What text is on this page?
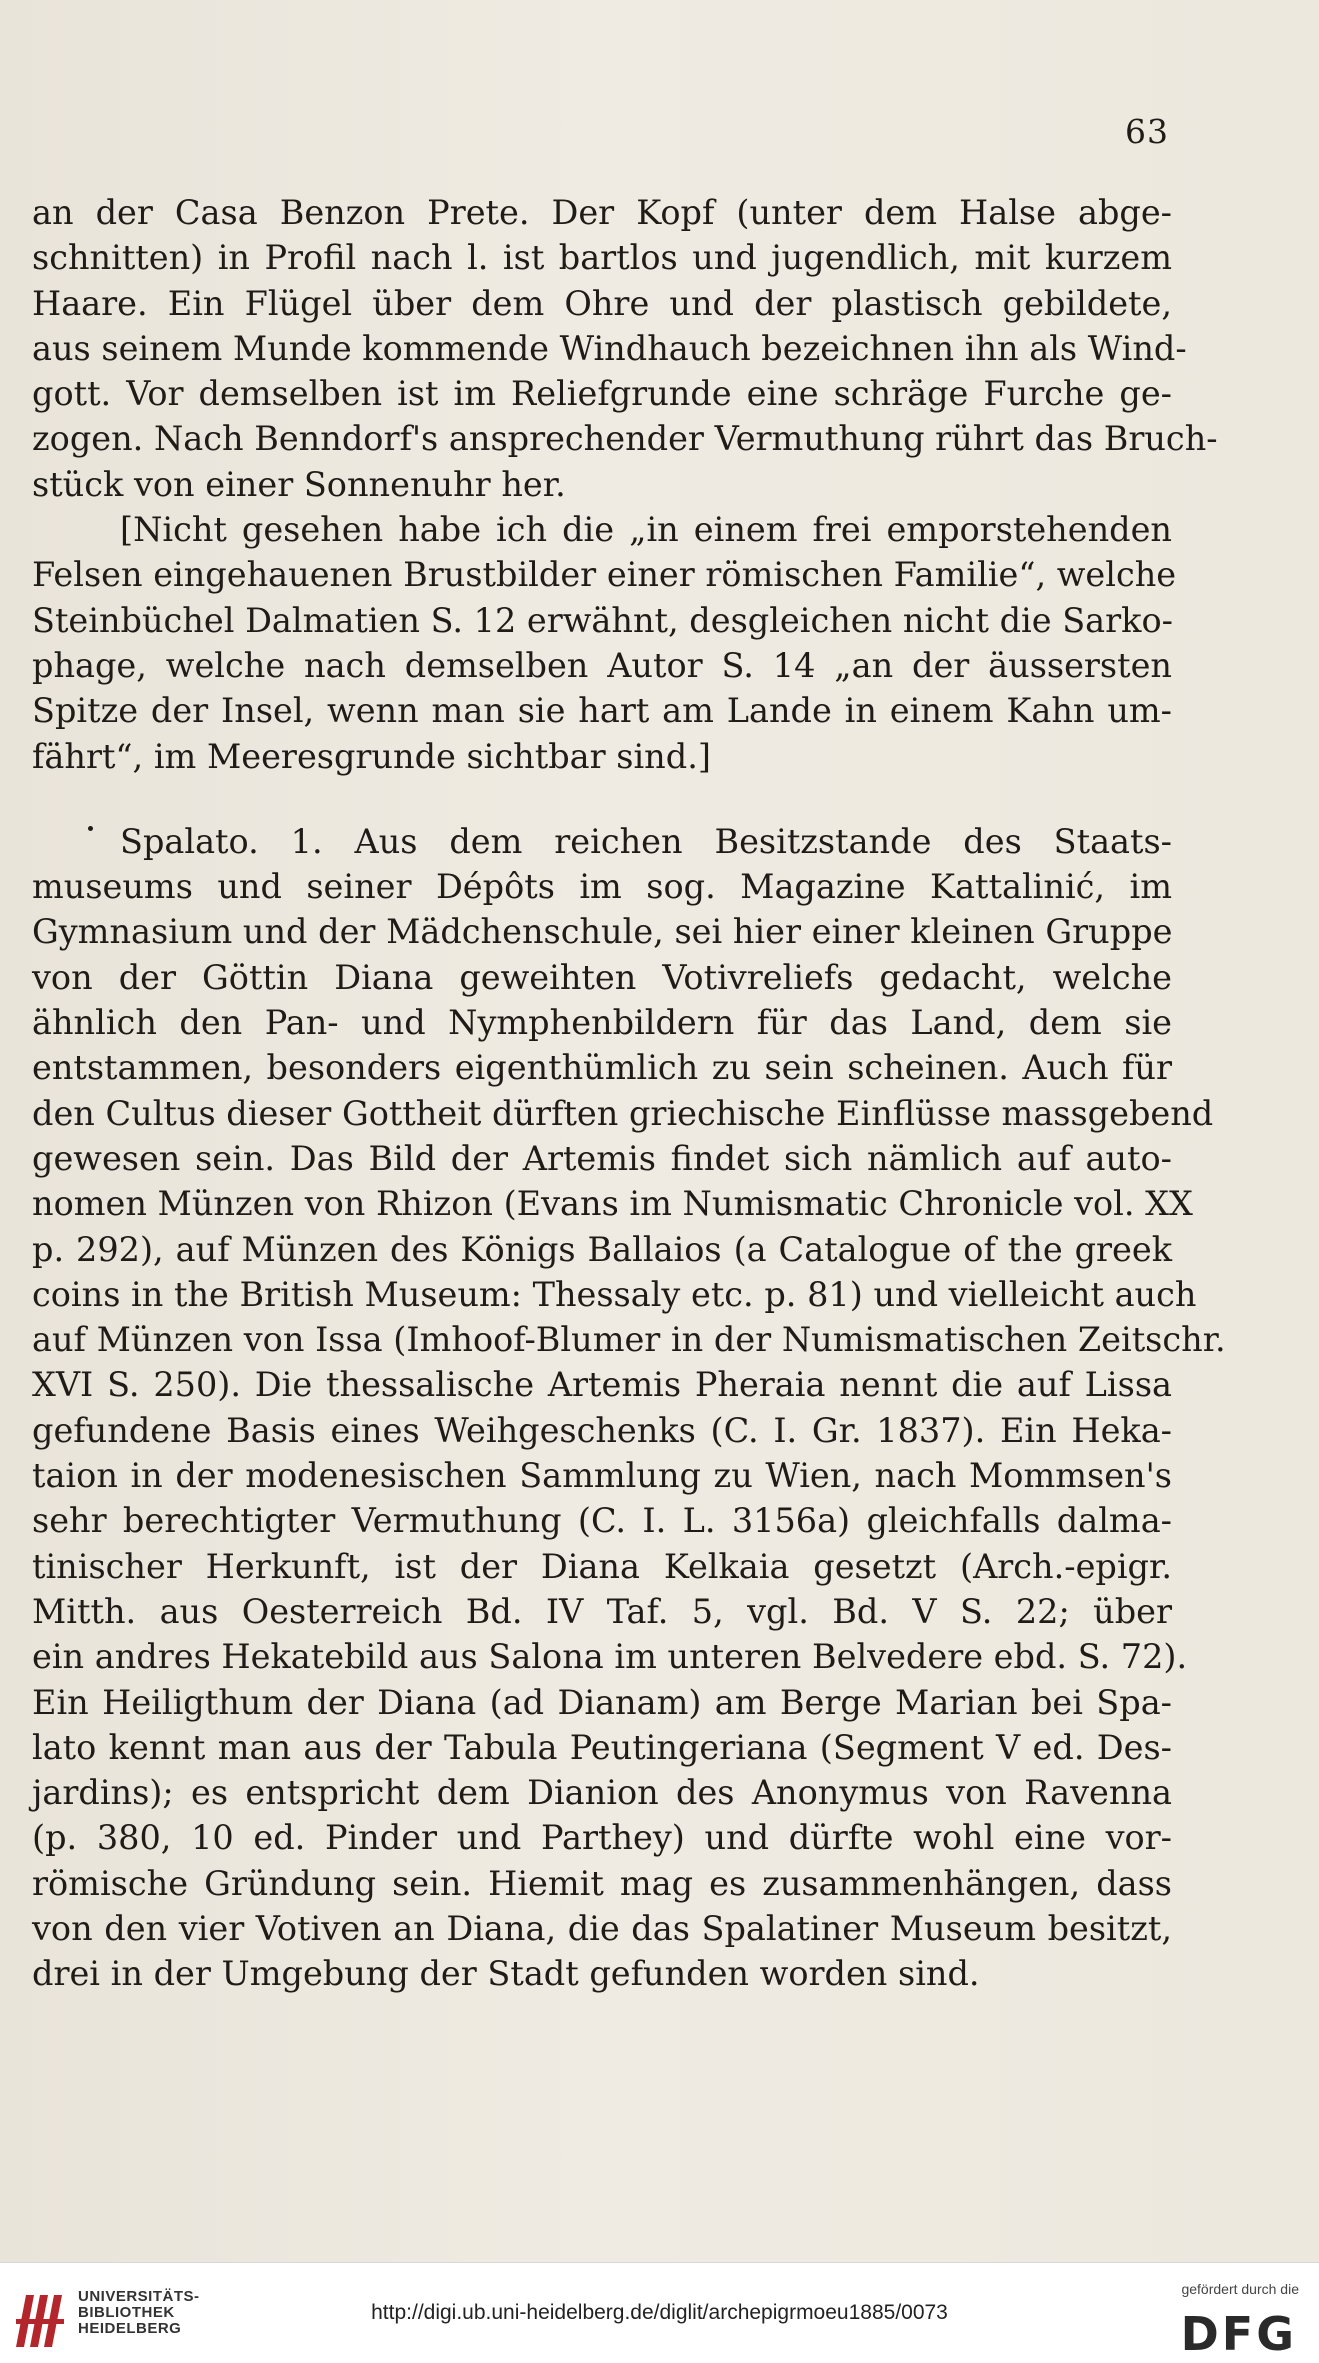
63
an der Casa Benzon Prete. Der Kopf (unter dem Halse abge-
schnitten) in Profil nach l. ist bartlos und jugendlich, mit kurzem
Haare. Ein Flügel über dem Ohre und der plastisch gebildete,
aus seinem Munde kommende Windhauch bezeichnen ihn als Wind-
gott. Vor demselben ist im Reliefgrunde eine schräge Furche ge-
zogen. Nach Benndorf's ansprechender Vermuthung rührt das Bruch-
stück von einer Sonnenuhr her.
[Nicht gesehen habe ich die „in einem frei emporstehenden
Felsen eingehauenen Brustbilder einer römischen Familie“, welche
Steinbüchel Dalmatien S. 12 erwähnt, desgleichen nicht die Sarko-
phage, welche nach demselben Autor S. 14 „an der äussersten
Spitze der Insel, wenn man sie hart am Lande in einem Kahn um-
fährt“, im Meeresgrunde sichtbar sind.]
Spalato. 1. Aus dem reichen Besitzstande des Staats-
museums und seiner Dépôts im sog. Magazine Kattalinić, im
Gymnasium und der Mädchenschule, sei hier einer kleinen Gruppe
von der Göttin Diana geweihten Votivreliefs gedacht, welche
ähnlich den Pan- und Nymphenbildern für das Land, dem sie
entstammen, besonders eigenthümlich zu sein scheinen. Auch für
den Cultus dieser Gottheit dürften griechische Einflüsse massgebend
gewesen sein. Das Bild der Artemis findet sich nämlich auf auto-
nomen Münzen von Rhizon (Evans im Numismatic Chronicle vol. XX
p. 292), auf Münzen des Königs Ballaios (a Catalogue of the greek
coins in the British Museum: Thessaly etc. p. 81) und vielleicht auch
auf Münzen von Issa (Imhoof-Blumer in der Numismatischen Zeitschr.
XVI S. 250). Die thessalische Artemis Pheraia nennt die auf Lissa
gefundene Basis eines Weihgeschenks (C. I. Gr. 1837). Ein Heka-
taion in der modenesischen Sammlung zu Wien, nach Mommsen's
sehr berechtigter Vermuthung (C. I. L. 3156a) gleichfalls dalma-
tinischer Herkunft, ist der Diana Kelkaia gesetzt (Arch.-epigr.
Mitth. aus Oesterreich Bd. IV Taf. 5, vgl. Bd. V S. 22; über
ein andres Hekatebild aus Salona im unteren Belvedere ebd. S. 72).
Ein Heiligthum der Diana (ad Dianam) am Berge Marian bei Spa-
lato kennt man aus der Tabula Peutingeriana (Segment V ed. Des-
jardins); es entspricht dem Dianion des Anonymus von Ravenna
(p. 380, 10 ed. Pinder und Parthey) und dürfte wohl eine vor-
römische Gründung sein. Hiemit mag es zusammenhängen, dass
von den vier Votiven an Diana, die das Spalatiner Museum besitzt,
drei in der Umgebung der Stadt gefunden worden sind.
UNIVERSITÄTS-
BIBLIOTHEK
HEIDELBERG
http://digi.ub.uni-heidelberg.de/diglit/archepigrmoeu1885/0073
gefördert durch die
DFG
